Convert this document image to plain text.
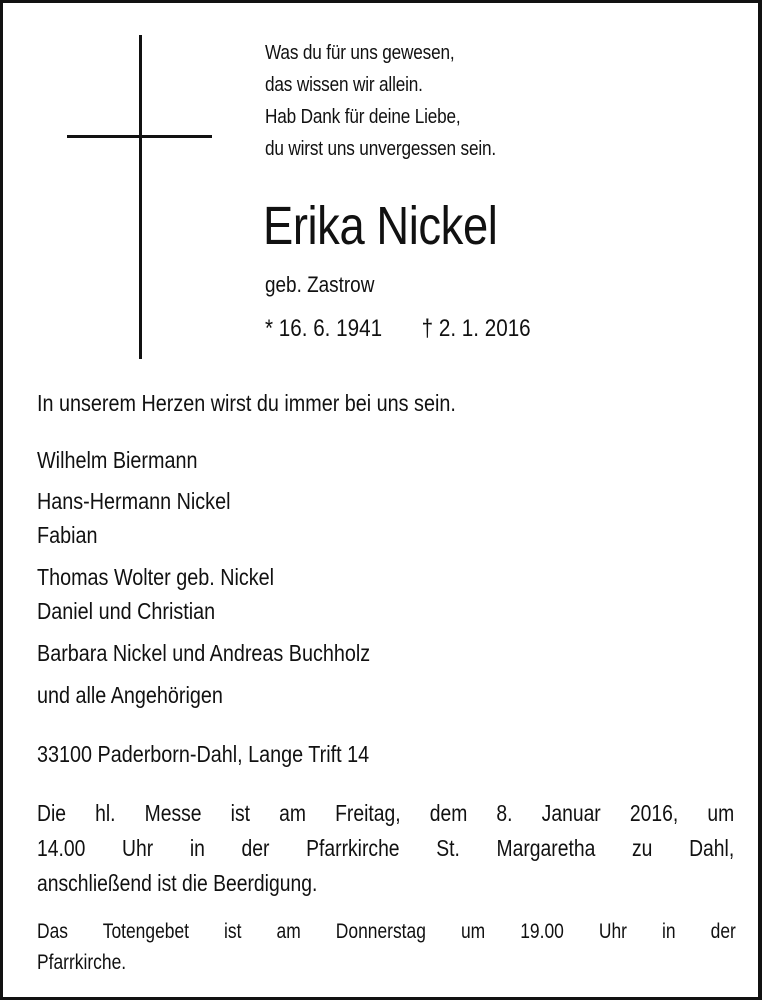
Was du für uns gewesen,
das wissen wir allein.
Hab Dank für deine Liebe,
du wirst uns unvergessen sein.
Erika Nickel
geb. Zastrow
* 16. 6. 1941 † 2. 1. 2016
In unserem Herzen wirst du immer bei uns sein.
Wilhelm Biermann
Hans-Hermann Nickel
Fabian
Thomas Wolter geb. Nickel
Daniel und Christian
Barbara Nickel und Andreas Buchholz
und alle Angehörigen
33100 Paderborn-Dahl, Lange Trift 14
Die hl. Messe ist am Freitag, dem 8. Januar 2016, um
14.00 Uhr in der Pfarrkirche St. Margaretha zu Dahl,
anschließend ist die Beerdigung.
Das Totengebet ist am Donnerstag um 19.00 Uhr in der
Pfarrkirche.
